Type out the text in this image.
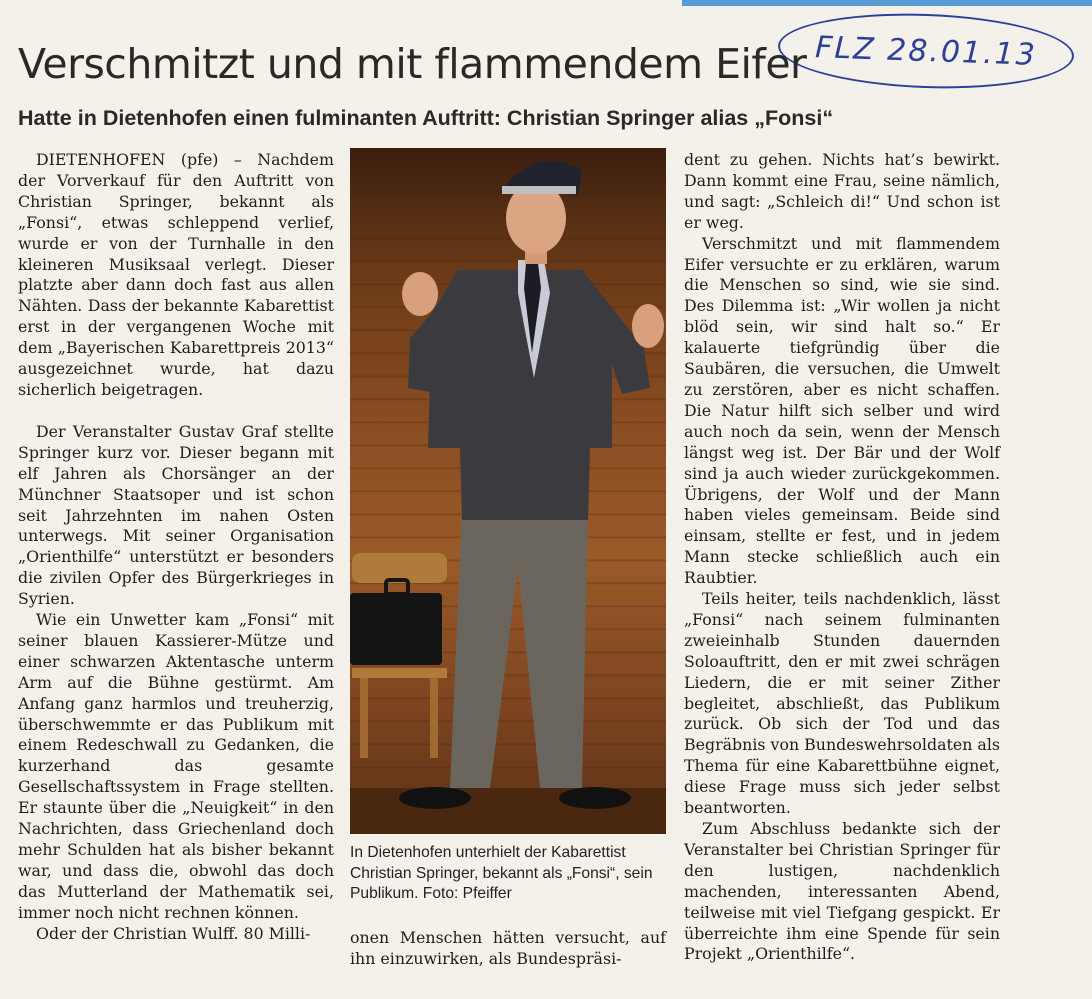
FLZ 28.01.13
Verschmitzt und mit flammendem Eifer
Hatte in Dietenhofen einen fulminanten Auftritt: Christian Springer alias „Fonsi“

DIETENHOFEN (pfe) – Nachdem der Vorverkauf für den Auftritt von Christian Springer, bekannt als „Fonsi“, etwas schleppend verlief, wurde er von der Turnhalle in den kleineren Musiksaal verlegt. Dieser platzte aber dann doch fast aus allen Nähten. Dass der bekannte Kabarettist erst in der vergangenen Woche mit dem „Bayerischen Kabarettpreis 2013“ ausgezeichnet wurde, hat dazu sicherlich beigetragen.

Der Veranstalter Gustav Graf stellte Springer kurz vor. Dieser begann mit elf Jahren als Chorsänger an der Münchner Staatsoper und ist schon seit Jahrzehnten im nahen Osten unterwegs. Mit seiner Organisation „Orienthilfe“ unterstützt er besonders die zivilen Opfer des Bürgerkrieges in Syrien.

Wie ein Unwetter kam „Fonsi“ mit seiner blauen Kassierer-Mütze und einer schwarzen Aktentasche unterm Arm auf die Bühne gestürmt. Am Anfang ganz harmlos und treuherzig, überschwemmte er das Publikum mit einem Redeschwall zu Gedanken, die kurzerhand das gesamte Gesellschaftssystem in Frage stellten. Er staunte über die „Neuigkeit“ in den Nachrichten, dass Griechenland doch mehr Schulden hat als bisher bekannt war, und dass die, obwohl das doch das Mutterland der Mathematik sei, immer noch nicht rechnen können.

Oder der Christian Wulff. 80 Milli-

In Dietenhofen unterhielt der Kabarettist Christian Springer, bekannt als „Fonsi“, sein Publikum. Foto: Pfeiffer

onen Menschen hätten versucht, auf ihn einzuwirken, als Bundespräsi-

dent zu gehen. Nichts hat’s bewirkt. Dann kommt eine Frau, seine nämlich, und sagt: „Schleich di!“ Und schon ist er weg.

Verschmitzt und mit flammendem Eifer versuchte er zu erklären, warum die Menschen so sind, wie sie sind. Des Dilemma ist: „Wir wollen ja nicht blöd sein, wir sind halt so.“ Er kalauerte tiefgründig über die Saubären, die versuchen, die Umwelt zu zerstören, aber es nicht schaffen. Die Natur hilft sich selber und wird auch noch da sein, wenn der Mensch längst weg ist. Der Bär und der Wolf sind ja auch wieder zurückgekommen. Übrigens, der Wolf und der Mann haben vieles gemeinsam. Beide sind einsam, stellte er fest, und in jedem Mann stecke schließlich auch ein Raubtier.

Teils heiter, teils nachdenklich, lässt „Fonsi“ nach seinem fulminanten zweieinhalb Stunden dauernden Soloauftritt, den er mit zwei schrägen Liedern, die er mit seiner Zither begleitet, abschließt, das Publikum zurück. Ob sich der Tod und das Begräbnis von Bundeswehrsoldaten als Thema für eine Kabarettbühne eignet, diese Frage muss sich jeder selbst beantworten.

Zum Abschluss bedankte sich der Veranstalter bei Christian Springer für den lustigen, nachdenklich machenden, interessanten Abend, teilweise mit viel Tiefgang gespickt. Er überreichte ihm eine Spende für sein Projekt „Orienthilfe“.
